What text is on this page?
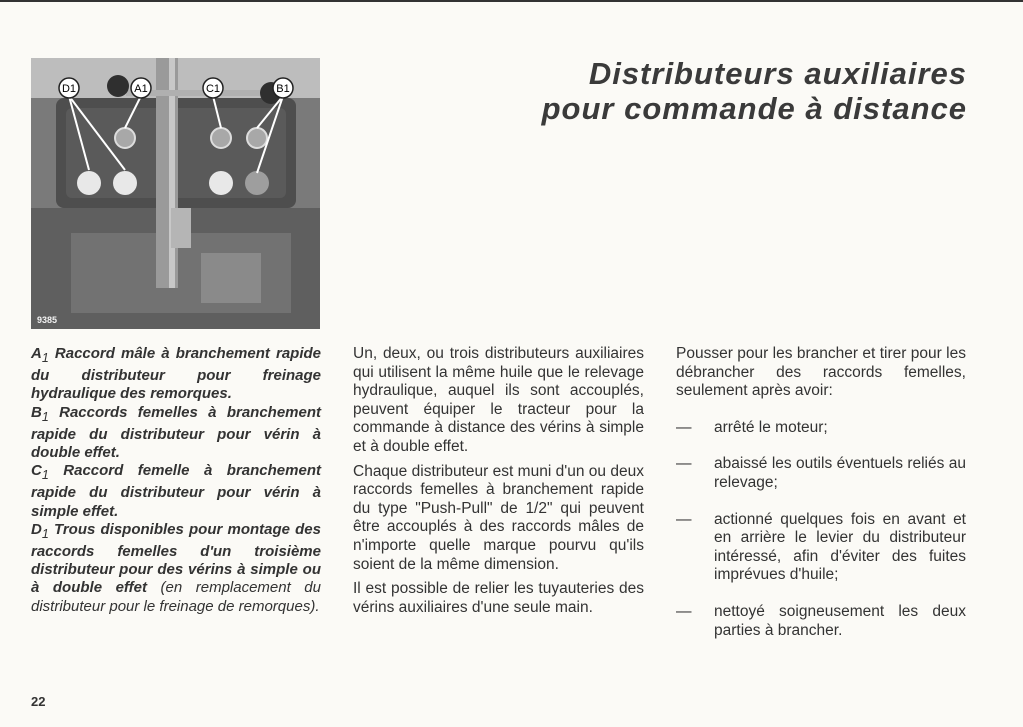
D1	A1	C1	B1
9385
Distributeurs auxiliaires
pour commande à distance

$A_1$ Raccord mâle à branchement rapide du distributeur pour freinage hydraulique des remorques.

$B_1$ Raccords femelles à branchement rapide du distributeur pour vérin à double effet.

$C_1$ Raccord femelle à branchement rapide du distributeur pour vérin à simple effet.

$D_1$ Trous disponibles pour montage des raccords femelles d'un troisième distributeur pour des vérins à simple ou à double effet (en remplacement du distributeur pour le freinage de remorques).

Un, deux, ou trois distributeurs auxiliaires qui utilisent la même huile que le relevage hydraulique, auquel ils sont accouplés, peuvent équiper le tracteur pour la commande à distance des vérins à simple et à double effet.

Chaque distributeur est muni d'un ou deux raccords femelles à branchement rapide du type "Push-Pull" de 1/2" qui peuvent être accouplés à des raccords mâles de n'importe quelle marque pourvu qu'ils soient de la même dimension.

Il est possible de relier les tuyauteries des vérins auxiliaires d'une seule main.

Pousser pour les brancher et tirer pour les débrancher des raccords femelles, seulement après avoir:

—	arrêté le moteur;
—	abaissé les outils éventuels reliés au relevage;
—	actionné quelques fois en avant et en arrière le levier du distributeur intéressé, afin d'éviter des fuites imprévues d'huile;
—	nettoyé soigneusement les deux parties à brancher.
22
